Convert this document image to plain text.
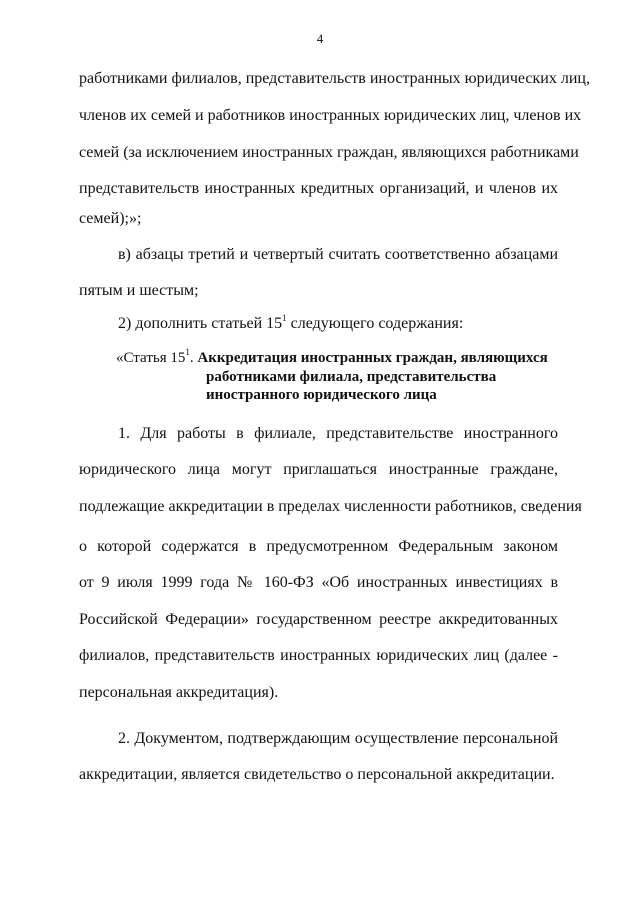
4
работниками филиалов, представительств иностранных юридических лиц,
членов их семей и работников иностранных юридических лиц, членов их
семей (за исключением иностранных граждан, являющихся работниками
представительств иностранных кредитных организаций, и членов их
семей);»;
в) абзацы третий и четвертый считать соответственно абзацами
пятым и шестым;
2) дополнить статьей $15^1$ следующего содержания:
«Статья $15^1$. Аккредитация иностранных граждан, являющихся
работниками филиала, представительства
иностранного юридического лица
1. Для работы в филиале, представительстве иностранного
юридического лица могут приглашаться иностранные граждане,
подлежащие аккредитации в пределах численности работников, сведения
о которой содержатся в предусмотренном Федеральным законом
от 9 июля 1999 года № 160-ФЗ «Об иностранных инвестициях в
Российской Федерации» государственном реестре аккредитованных
филиалов, представительств иностранных юридических лиц (далее -
персональная аккредитация).
2. Документом, подтверждающим осуществление персональной
аккредитации, является свидетельство о персональной аккредитации.
